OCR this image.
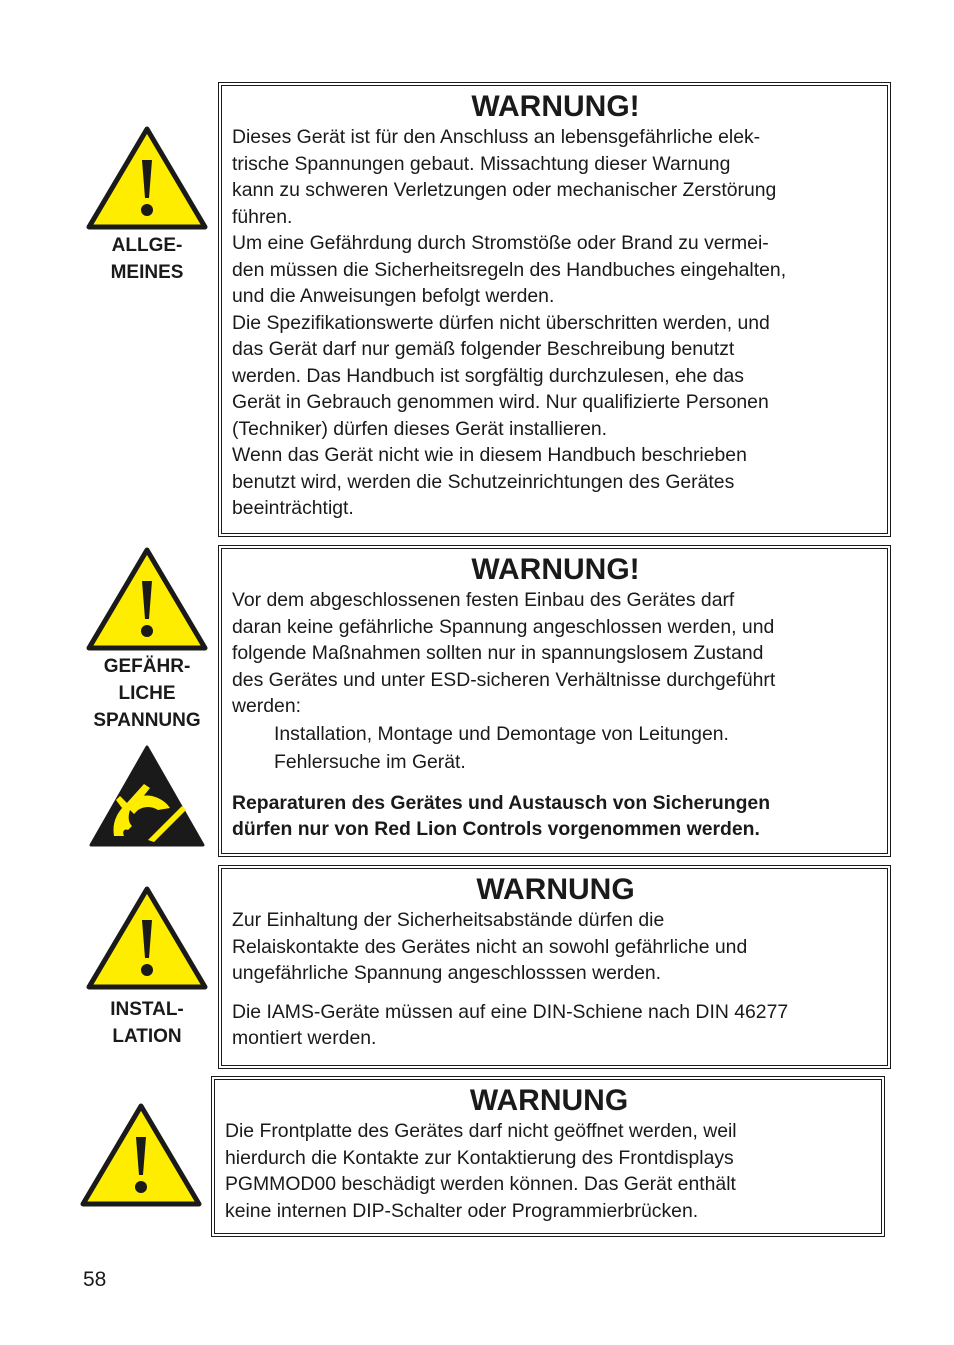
ALLGE-
MEINES
WARNUNG!

Dieses Gerät ist für den Anschluss an lebensgefährliche elek-
trische Spannungen gebaut. Missachtung dieser Warnung
kann zu schweren Verletzungen oder mechanischer Zerstörung
führen.
Um eine Gefährdung durch Stromstöße oder Brand zu vermei-
den müssen die Sicherheitsregeln des Handbuches eingehalten,
und die Anweisungen befolgt werden.
Die Spezifikationswerte dürfen nicht überschritten werden, und
das Gerät darf nur gemäß folgender Beschreibung benutzt
werden. Das Handbuch ist sorgfältig durchzulesen, ehe das
Gerät in Gebrauch genommen wird. Nur qualifizierte Personen
(Techniker) dürfen dieses Gerät installieren.
Wenn das Gerät nicht wie in diesem Handbuch beschrieben
benutzt wird, werden die Schutzeinrichtungen des Gerätes
beeinträchtigt.

GEFÄHR-
LICHE
SPANNUNG
WARNUNG!

Vor dem abgeschlossenen festen Einbau des Gerätes darf
daran keine gefährliche Spannung angeschlossen werden, und
folgende Maßnahmen sollten nur in spannungslosem Zustand
des Gerätes und unter ESD-sicheren Verhältnisse durchgeführt
werden:

Installation, Montage und Demontage von Leitungen.
Fehlersuche im Gerät.

Reparaturen des Gerätes und Austausch von Sicherungen
dürfen nur von Red Lion Controls vorgenommen werden.

INSTAL-
LATION
WARNUNG

Zur Einhaltung der Sicherheitsabstände dürfen die
Relaiskontakte des Gerätes nicht an sowohl gefährliche und
ungefährliche Spannung angeschlosssen werden.

Die IAMS-Geräte müssen auf eine DIN-Schiene nach DIN 46277
montiert werden.

WARNUNG

Die Frontplatte des Gerätes darf nicht geöffnet werden, weil
hierdurch die Kontakte zur Kontaktierung des Frontdisplays
PGMMOD00 beschädigt werden können. Das Gerät enthält
keine internen DIP-Schalter oder Programmierbrücken.

58
